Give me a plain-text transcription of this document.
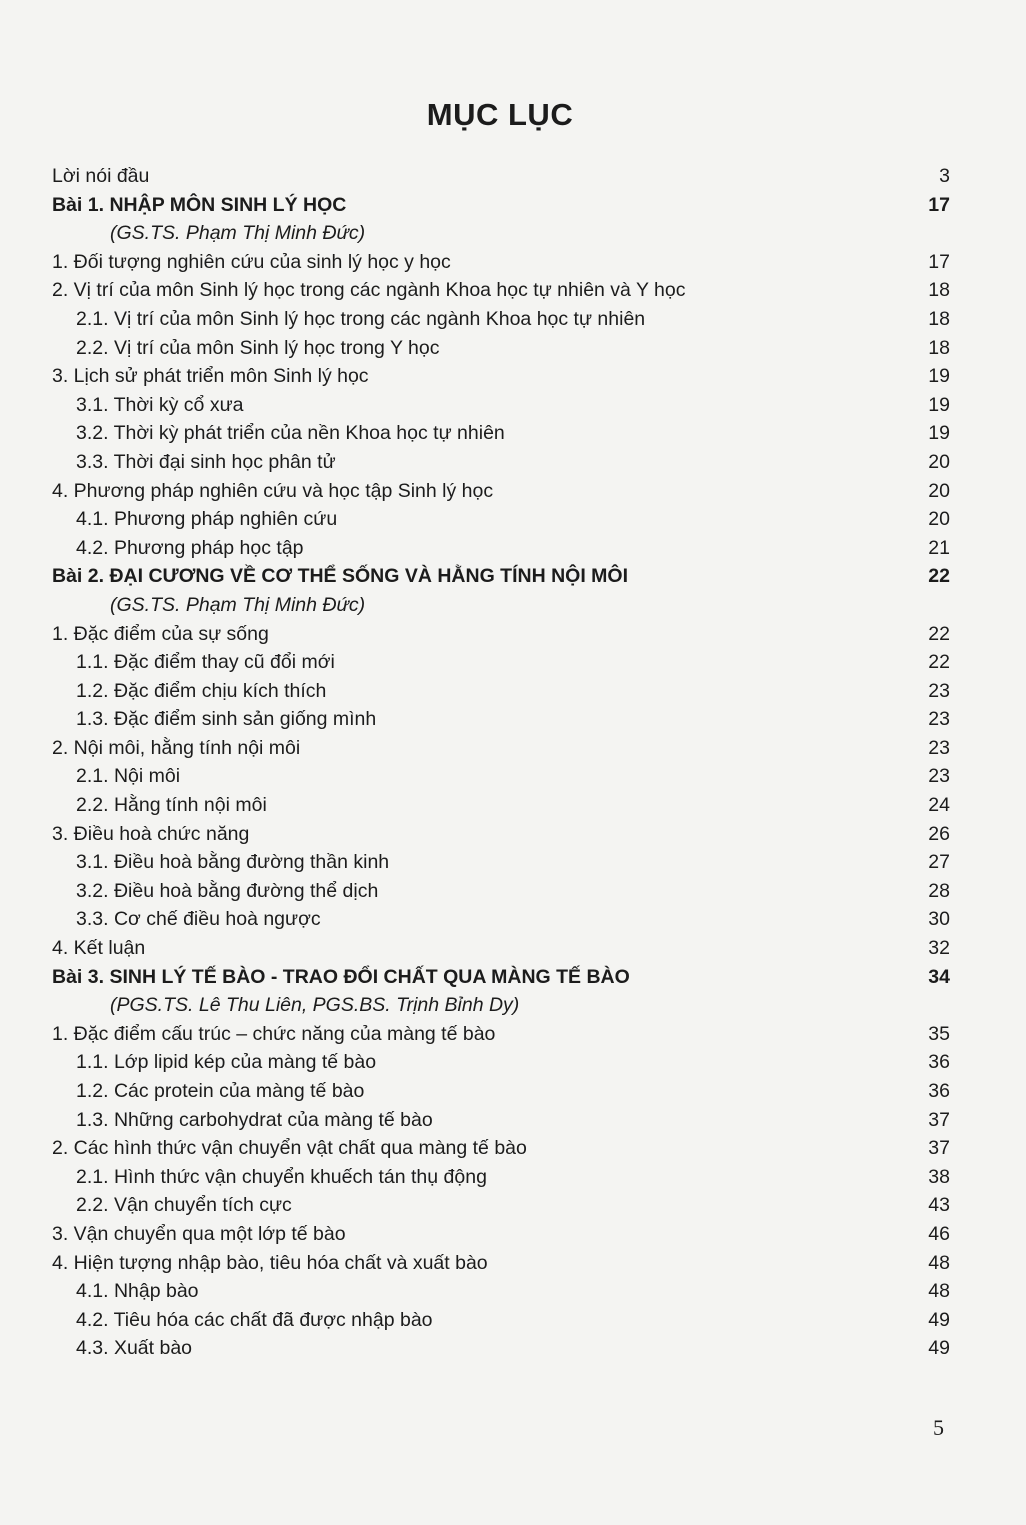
MỤC LỤC
Lời nói đầu	3
Bài 1. NHẬP MÔN SINH LÝ HỌC	17
(GS.TS. Phạm Thị Minh Đức)
1. Đối tượng nghiên cứu của sinh lý học y học	17
2. Vị trí của môn Sinh lý học trong các ngành Khoa học tự nhiên và Y học	18
2.1. Vị trí của môn Sinh lý học trong các ngành Khoa học tự nhiên	18
2.2. Vị trí của môn Sinh lý học trong Y học	18
3. Lịch sử phát triển môn Sinh lý học	19
3.1. Thời kỳ cổ xưa	19
3.2. Thời kỳ phát triển của nền Khoa học tự nhiên	19
3.3. Thời đại sinh học phân tử	20
4. Phương pháp nghiên cứu và học tập Sinh lý học	20
4.1. Phương pháp nghiên cứu	20
4.2. Phương pháp học tập	21
Bài 2. ĐẠI CƯƠNG VỀ CƠ THỂ SỐNG VÀ HẰNG TÍNH NỘI MÔI	22
(GS.TS. Phạm Thị Minh Đức)
1. Đặc điểm của sự sống	22
1.1. Đặc điểm thay cũ đổi mới	22
1.2. Đặc điểm chịu kích thích	23
1.3. Đặc điểm sinh sản giống mình	23
2. Nội môi, hằng tính nội môi	23
2.1. Nội môi	23
2.2. Hằng tính nội môi	24
3. Điều hoà chức năng	26
3.1. Điều hoà bằng đường thần kinh	27
3.2. Điều hoà bằng đường thể dịch	28
3.3. Cơ chế điều hoà ngược	30
4. Kết luận	32
Bài 3. SINH LÝ TẾ BÀO - TRAO ĐỔI CHẤT QUA MÀNG TẾ BÀO	34
(PGS.TS. Lê Thu Liên, PGS.BS. Trịnh Bỉnh Dy)
1. Đặc điểm cấu trúc – chức năng của màng tế bào	35
1.1. Lớp lipid kép của màng tế bào	36
1.2. Các protein của màng tế bào	36
1.3. Những carbohydrat của màng tế bào	37
2. Các hình thức vận chuyển vật chất qua màng tế bào	37
2.1. Hình thức vận chuyển khuếch tán thụ động	38
2.2. Vận chuyển tích cực	43
3. Vận chuyển qua một lớp tế bào	46
4. Hiện tượng nhập bào, tiêu hóa chất và xuất bào	48
4.1. Nhập bào	48
4.2. Tiêu hóa các chất đã được nhập bào	49
4.3. Xuất bào	49
5
